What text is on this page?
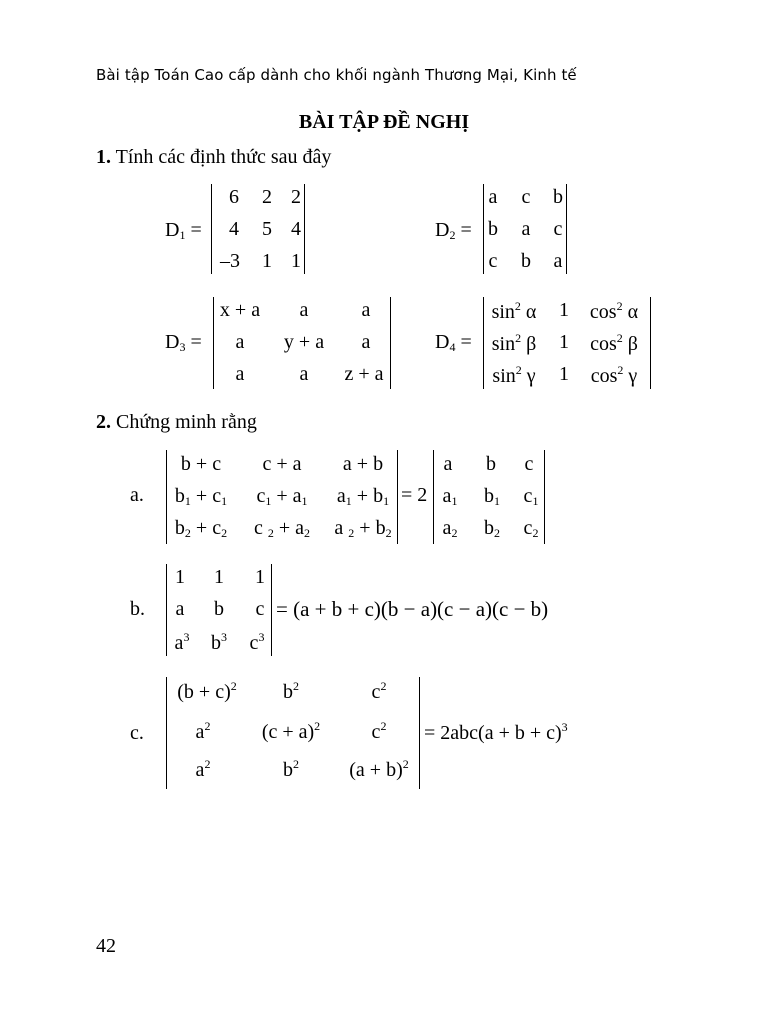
Bài tập Toán Cao cấp dành cho khối ngành Thương Mại, Kinh tế
BÀI TẬP ĐỀ NGHỊ
1. Tính các định thức sau đây
$D_1$ =
6 2 2
4 5 4
–3 1 1
$D_2$ =
a c b
b a c
c b a
$D_3$ =
x + a a	a
a y + a a
a	a z + a
$D_4$ =
$\sin^2 \alpha$ 1 $\cos^2 \alpha$
$\sin^2 \beta$ 1 $\cos^2 \beta$
$\sin^2 \gamma$ 1 $\cos^2 \gamma$
2. Chứng minh rằng
a.
b + c c + a a + b
$b_1 + c_1$ $c_1 + a_1$ $a_1 + b_1$
$b_2 + c_2$ c $_2 + a_2$ a $_2 + b_2$
= 2
a b c
$a_1$ $b_1$ $c_1$
$a_2$ $b_2$ $c_2$
b.
1 1 1
a b c
$a^3$ $b^3$ $c^3$
= (a + b + c)(b − a)(c − a)(c − b)
c.
$(b + c)^2$ $b^2$	$c^2$
$a^2$	$(c + a)^2$	$c^2$
$a^2$	$b^2$	$(a + b)^2$
= $2abc(a + b + c)^3$
42
